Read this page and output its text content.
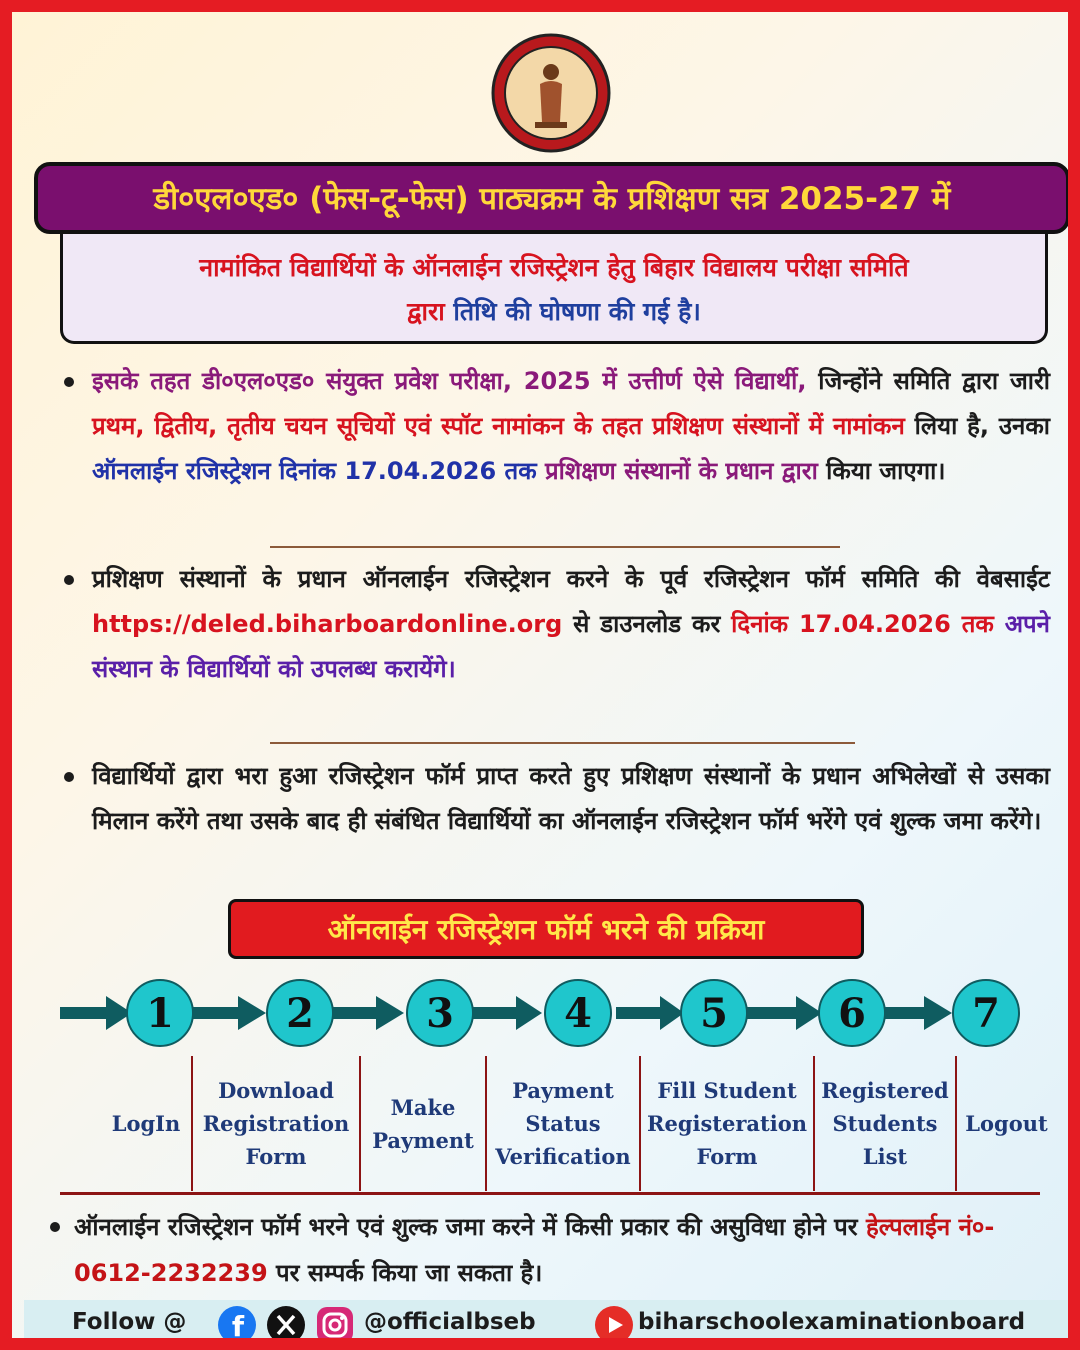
डी०एल०एड० (फेस-टू-फेस) पाठ्यक्रम के प्रशिक्षण सत्र 2025-27 में
नामांकित विद्यार्थियों के ऑनलाईन रजिस्ट्रेशन हेतु बिहार विद्यालय परीक्षा समिति
द्वारा तिथि की घोषणा की गई है।
इसके तहत डी०एल०एड० संयुक्त प्रवेश परीक्षा, 2025 में उत्तीर्ण ऐसे विद्यार्थी, जिन्होंने समिति द्वारा जारी प्रथम, द्वितीय, तृतीय चयन सूचियों एवं स्पॉट नामांकन के तहत प्रशिक्षण संस्थानों में नामांकन लिया है, उनका ऑनलाईन रजिस्ट्रेशन दिनांक 17.04.2026 तक प्रशिक्षण संस्थानों के प्रधान द्वारा किया जाएगा।
प्रशिक्षण संस्थानों के प्रधान ऑनलाईन रजिस्ट्रेशन करने के पूर्व रजिस्ट्रेशन फॉर्म समिति की वेबसाईट https://deled.biharboardonline.org से डाउनलोड कर दिनांक 17.04.2026 तक अपने संस्थान के विद्यार्थियों को उपलब्ध करायेंगे।
विद्यार्थियों द्वारा भरा हुआ रजिस्ट्रेशन फॉर्म प्राप्त करते हुए प्रशिक्षण संस्थानों के प्रधान अभिलेखों से उसका मिलान करेंगे तथा उसके बाद ही संबंधित विद्यार्थियों का ऑनलाईन रजिस्ट्रेशन फॉर्म भरेंगे एवं शुल्क जमा करेंगे।
ऑनलाईन रजिस्ट्रेशन फॉर्म भरने की प्रक्रिया
1	2	3	4	5	6	7
LogIn
Download Registration Form
Make Payment
Payment Status Verification
Fill Student Registeration Form
Registered Students List
Logout
ऑनलाईन रजिस्ट्रेशन फॉर्म भरने एवं शुल्क जमा करने में किसी प्रकार की असुविधा होने पर हेल्पलाईन नं०- 0612-2232239 पर सम्पर्क किया जा सकता है।
Follow @ f	@officialbseb	biharschoolexaminationboard
